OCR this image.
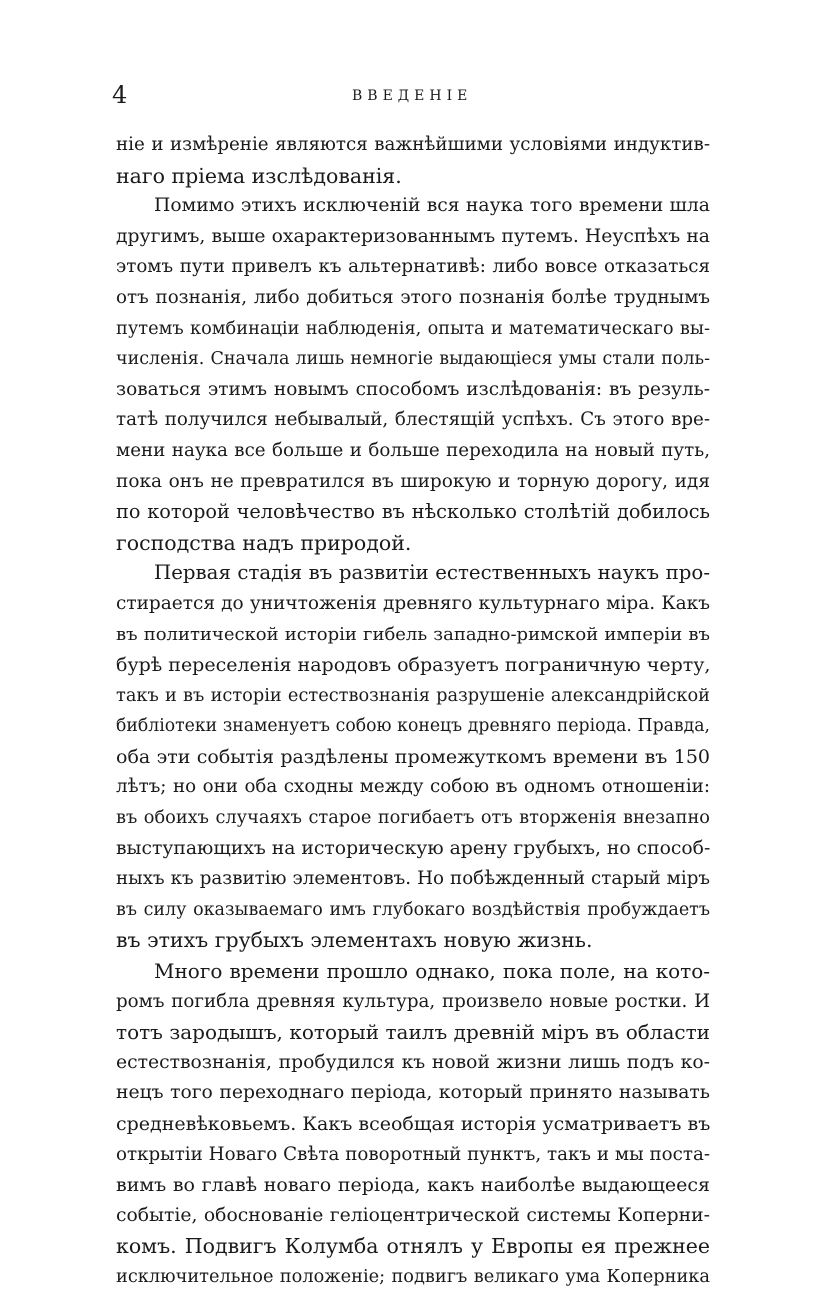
4	ВВЕДЕНІЕ
ніе и измѣреніе являются важнѣйшими условіями индуктив-
наго пріема изслѣдованія.
Помимо этихъ исключеній вся наука того времени шла
другимъ, выше охарактеризованнымъ путемъ. Неуспѣхъ на
этомъ пути привелъ къ альтернативѣ: либо вовсе отказаться
отъ познанія, либо добиться этого познанія болѣе труднымъ
путемъ комбинаціи наблюденія, опыта и математическаго вы-
численія. Сначала лишь немногіе выдающіеся умы стали поль-
зоваться этимъ новымъ способомъ изслѣдованія: въ резуль-
татѣ получился небывалый, блестящій успѣхъ. Съ этого вре-
мени наука все больше и больше переходила на новый путь,
пока онъ не превратился въ широкую и торную дорогу, идя
по которой человѣчество въ нѣсколько столѣтій добилось
господства надъ природой.
Первая стадія въ развитіи естественныхъ наукъ про-
стирается до уничтоженія древняго культурнаго міра. Какъ
въ политической исторіи гибель западно-римской имперіи въ
бурѣ переселенія народовъ образуетъ пограничную черту,
такъ и въ исторіи естествознанія разрушеніе александрійской
библіотеки знаменуетъ собою конецъ древняго періода. Правда,
оба эти событія раздѣлены промежуткомъ времени въ 150
лѣтъ; но они оба сходны между собою въ одномъ отношеніи:
въ обоихъ случаяхъ старое погибаетъ отъ вторженія внезапно
выступающихъ на историческую арену грубыхъ, но способ-
ныхъ къ развитію элементовъ. Но побѣжденный старый міръ
въ силу оказываемаго имъ глубокаго воздѣйствія пробуждаетъ
въ этихъ грубыхъ элементахъ новую жизнь.
Много времени прошло однако, пока поле, на кото-
ромъ погибла древняя культура, произвело новые ростки. И
тотъ зародышъ, который таилъ древній міръ въ области
естествознанія, пробудился къ новой жизни лишь подъ ко-
нецъ того переходнаго періода, который принято называть
средневѣковьемъ. Какъ всеобщая исторія усматриваетъ въ
открытіи Новаго Свѣта поворотный пунктъ, такъ и мы поста-
вимъ во главѣ новаго періода, какъ наиболѣе выдающееся
событіе, обоснованіе геліоцентрической системы Коперни-
комъ. Подвигъ Колумба отнялъ у Европы ея прежнее
исключительное положеніе; подвигъ великаго ума Коперника
